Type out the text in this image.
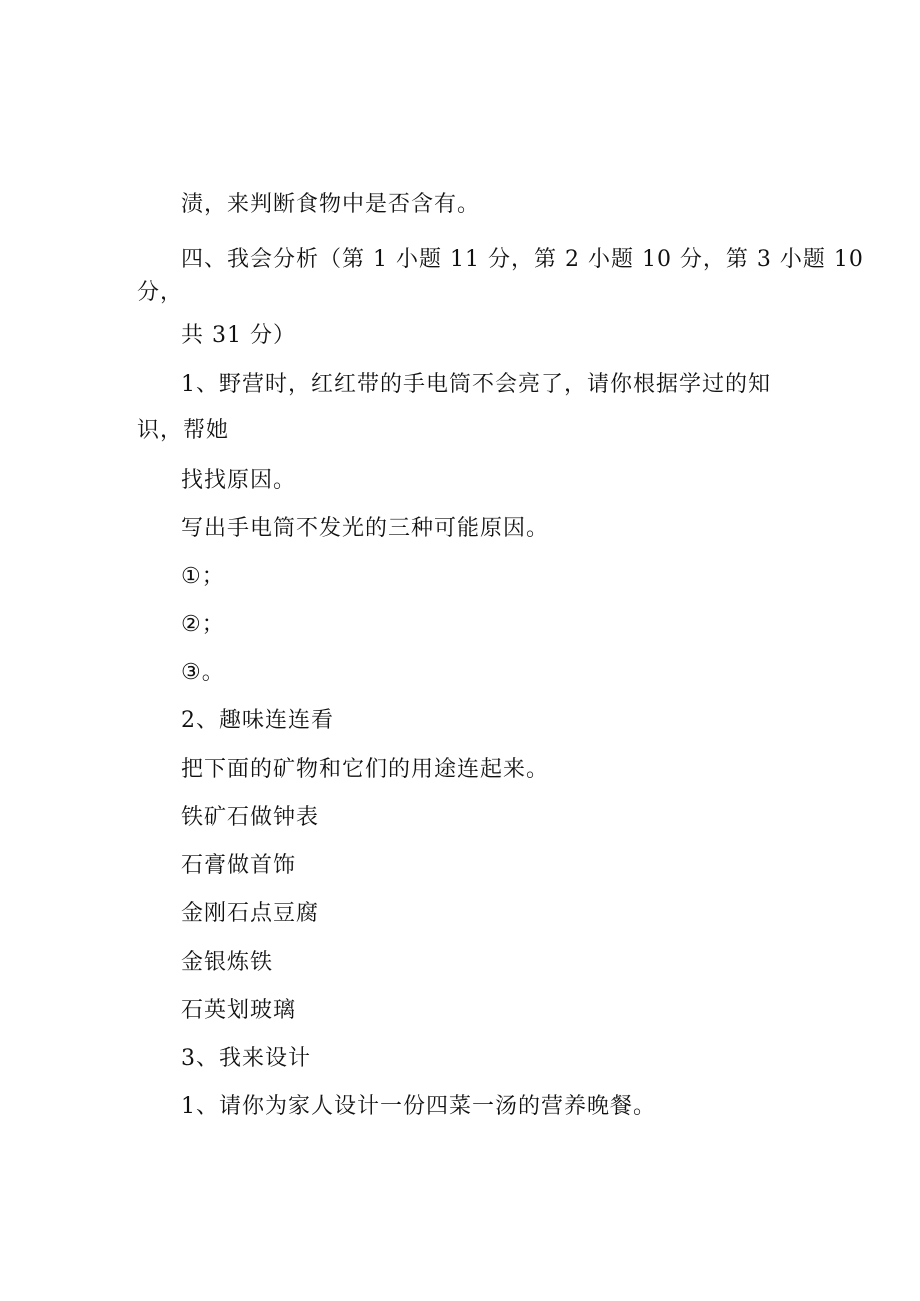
渍，来判断食物中是否含有。
四、我会分析（第 1 小题 11 分，第 2 小题 10 分，第 3 小题 10
分，
共 31 分）
1、野营时，红红带的手电筒不会亮了，请你根据学过的知
识，帮她
找找原因。
写出手电筒不发光的三种可能原因。
①；
②；
③。
2、趣味连连看
把下面的矿物和它们的用途连起来。
铁矿石做钟表
石膏做首饰
金刚石点豆腐
金银炼铁
石英划玻璃
3、我来设计
1、请你为家人设计一份四菜一汤的营养晚餐。
